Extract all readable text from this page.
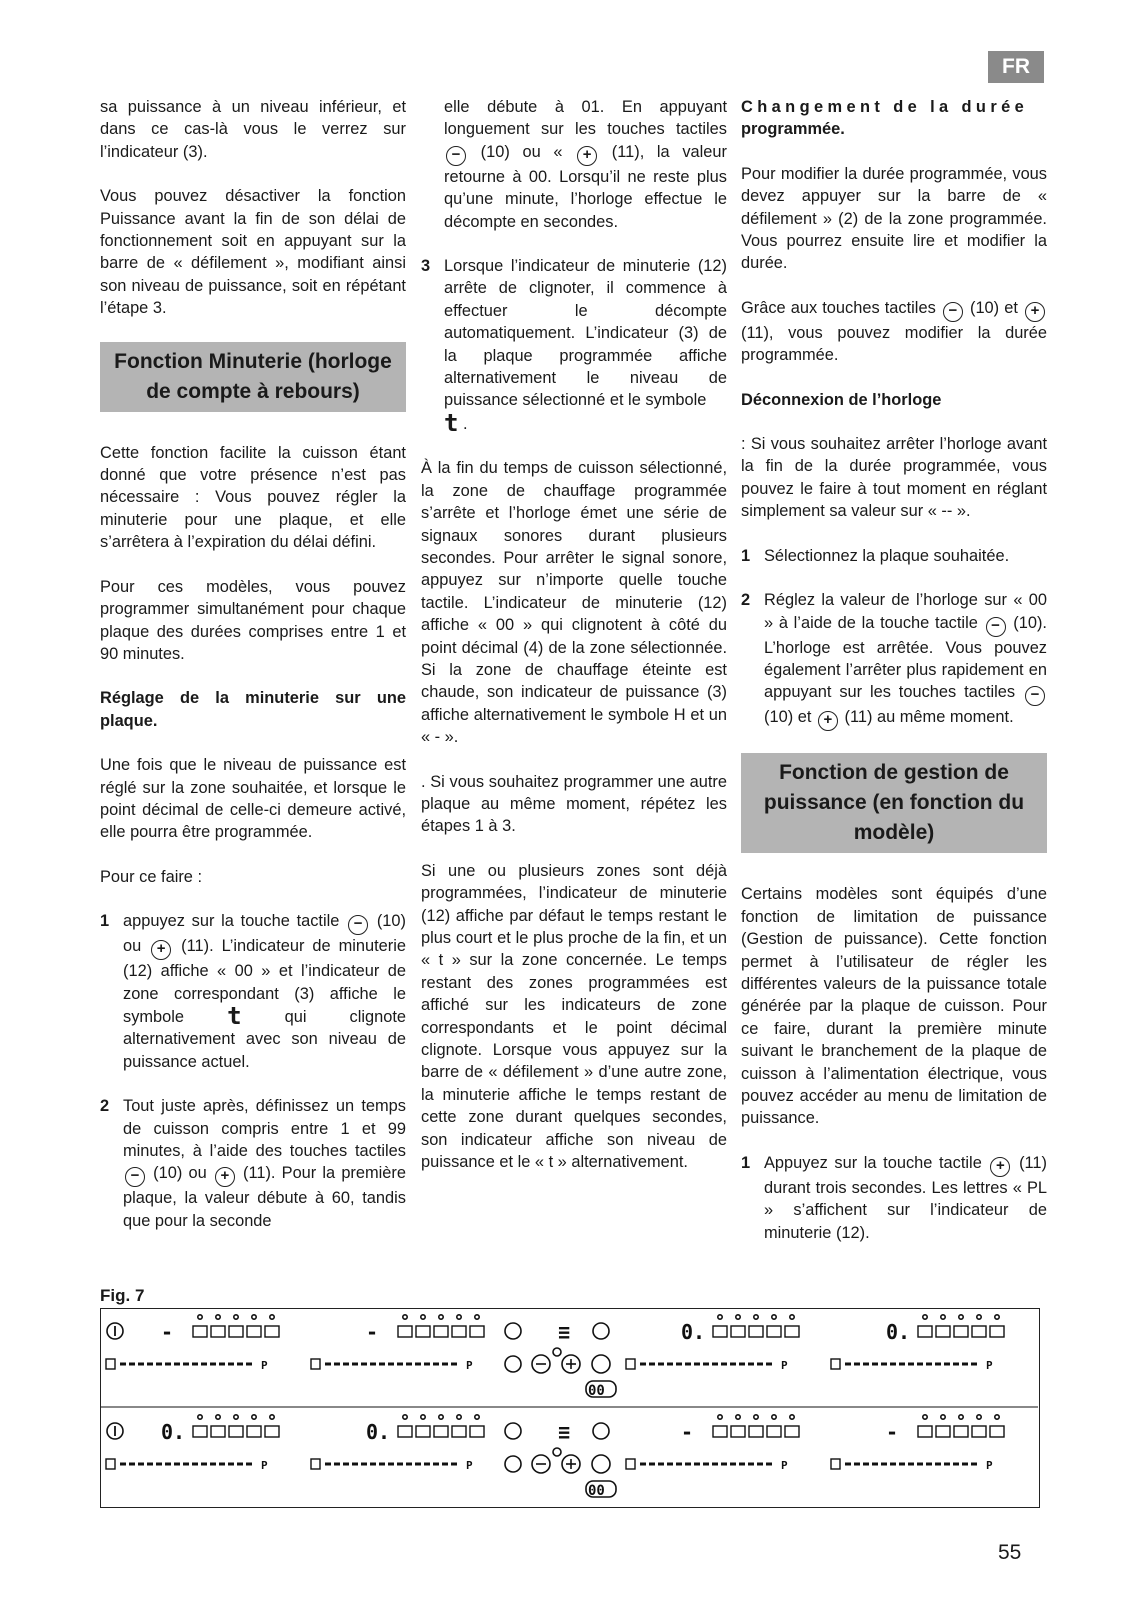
FR

sa puissance à un niveau inférieur, et dans ce cas-là vous le verrez sur l’indicateur (3).

Vous pouvez désactiver la fonction Puissance avant la fin de son délai de fonctionnement soit en appuyant sur la barre de « défilement », modifiant ainsi son niveau de puissance, soit en répétant l’étape 3.

Fonction Minuterie (horloge de compte à rebours)

Cette fonction facilite la cuisson étant donné que votre présence n’est pas nécessaire : Vous pouvez régler la minuterie pour une plaque, et elle s’arrêtera à l’expiration du délai défini.

Pour ces modèles, vous pouvez programmer simultanément pour chaque plaque des durées comprises entre 1 et 90 minutes.

Réglage de la minuterie sur une plaque.

Une fois que le niveau de puissance est réglé sur la zone souhaitée, et lorsque le point décimal de celle-ci demeure activé, elle pourra être programmée.

Pour ce faire :

1 appuyez sur la touche tactile − (10) ou + (11). L’indicateur de minuterie (12) affiche « 00 » et l’indicateur de zone correspondant (3) affiche le symbole t	qui clignote alternativement avec son niveau de puissance actuel.
2 Tout juste après, définissez un temps de cuisson compris entre 1 et 99 minutes, à l’aide des touches tactiles − (10) ou + (11). Pour la première plaque, la valeur débute à 60, tandis que pour la seconde

elle débute à 01. En appuyant longuement sur les touches tactiles − (10) ou « + (11), la valeur retourne à 00. Lorsqu’il ne reste plus qu’une minute, l’horloge effectue le décompte en secondes.

3 Lorsque l’indicateur de minuterie (12) arrête de clignoter, il commence à effectuer le décompte automatiquement. L’indicateur (3) de la plaque programmée affiche alternativement le niveau de puissance sélectionné et le symbole
t .

À la fin du temps de cuisson sélectionné, la zone de chauffage programmée s’arrête et l’horloge émet une série de signaux sonores durant plusieurs secondes. Pour arrêter le signal sonore, appuyez sur n’importe quelle touche tactile. L’indicateur de minuterie (12) affiche « 00 » qui clignotent à côté du point décimal (4) de la zone sélectionnée. Si la zone de chauffage éteinte est chaude, son indicateur de puissance (3) affiche alternativement le symbole H et un « - ».

. Si vous souhaitez programmer une autre plaque au même moment, répétez les étapes 1 à 3.

Si une ou plusieurs zones sont déjà programmées, l’indicateur de minuterie (12) affiche par défaut le temps restant le plus court et le plus proche de la fin, et un « t » sur la zone concernée. Le temps restant des zones programmées est affiché sur les indicateurs de zone correspondants et le point décimal clignote. Lorsque vous appuyez sur la barre de « défilement » d’une autre zone, la minuterie affiche le temps restant de cette zone durant quelques secondes, son indicateur affiche son niveau de puissance et le « t » alternativement.

Changement de la durée
programmée.

Pour modifier la durée programmée, vous devez appuyer sur la barre de « défilement » (2) de la zone programmée. Vous pourrez ensuite lire et modifier la durée.

Grâce aux touches tactiles − (10) et + (11), vous pouvez modifier la durée programmée.

Déconnexion de l’horloge

: Si vous souhaitez arrêter l’horloge avant la fin de la durée programmée, vous pouvez le faire à tout moment en réglant simplement sa valeur sur « -- ».

1 Sélectionnez la plaque souhaitée.
2 Réglez la valeur de l’horloge sur « 00 » à l’aide de la touche tactile − (10). L’horloge est arrêtée. Vous pouvez également l’arrêter plus rapidement en appuyant sur les touches tactiles − (10) et + (11) au même moment.
Fonction de gestion de puissance (en fonction du modèle)

Certains modèles sont équipés d’une fonction de limitation de puissance (Gestion de puissance). Cette fonction permet à l’utilisateur de régler les différentes valeurs de la puissance totale générée par la plaque de cuisson. Pour ce faire, durant la première minute suivant le branchement de la plaque de cuisson à l’alimentation électrique, vous pouvez accéder au menu de limitation de puissance.

1 Appuyez sur la touche tactile + (11) durant trois secondes. Les lettres « PL » s’affichent sur l’indicateur de minuterie (12).
Fig. 7
-
P
-
P
0.
P
0.
P
≡
00
0.
P
0.
P
-
P
-
P
≡
00
55
